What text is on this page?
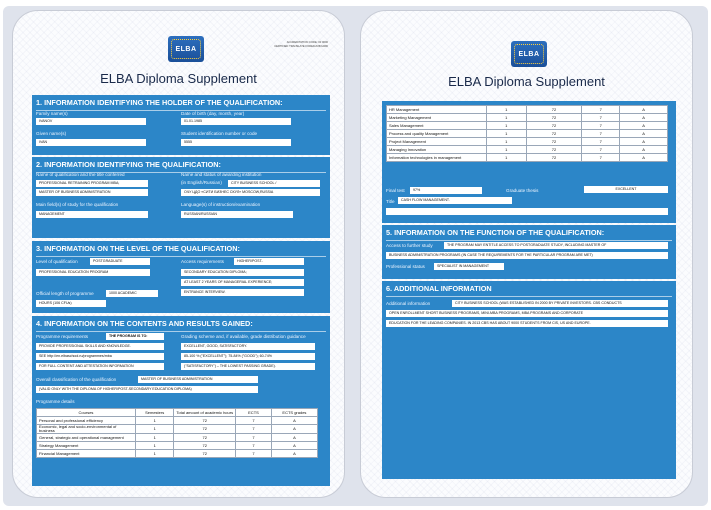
ELBA
ACCREDITATION CODE: 00 0000
CERTIFIED TRANSLATE FOREIGN BOARD
ELBA Diploma Supplement
1. INFORMATION IDENTIFYING THE HOLDER OF THE QUALIFICATION:
Family name(s)
IVANOV
Date of birth (day, month, year)
01.01.1985
Given name(s)
IVAN
Student identification number or code
5555
2. INFORMATION IDENTIFYING THE QUALIFICATION:
Name of qualification and the title conferred
PROFESSIONAL RETRAINING PROGRAM MBA;
MASTER OF BUSINESS ADMINISTRATION
Name and status of awarding institution
(in English/Russian)	CITY BUSINESS SCHOOL /
ОЧУ ЦДО «СИТИ БИЗНЕС СКУЛ» MOSCOW,RUSSIA
Main field(s) of study for the qualification
MANAGEMENT
Language(s) of instruction/examination
RUSSIAN/RUSSIAN
3. INFORMATION ON THE LEVEL OF THE QUALIFICATION:
Level of qualification	POSTGRADUATE
PROFESSIONAL EDUCATION PROGRAM
Access requirements	HIGHER/POST-
SECONDARY EDUCATION DIPLOMA;
AT LEAST 2 YEARS OF MANAGERIAL EXPERIENCE;
ENTRANCE INTERVIEW.
Official length of programme	1000 ACADEMIC
HOURS (106 CFUs)
4. INFORMATION ON THE CONTENTS AND RESULTS GAINED:
Programme requirements	THE PROGRAM IS TO:
PROVIDE PROFESSIONAL SKILLS AND KNOWLEDGE.
SEE http://en.elbaschool.ru/programmes/mba
FOR FULL CONTENT AND ATTESTATION INFORMATION
Grading scheme and, if available, grade distribution guidance
EXCELLENT, GOOD, SATISFACTORY.
85-100 % ("EXCELLENT"); 75-84% ("GOOD"); 60-74%
("SATISFACTORY") – THE LOWEST PASSING GRADE).
Overall classification of the qualification	MASTER OF BUSINESS ADMINISTRATION
(VALID ONLY WITH THE DIPLOMA OF HIGHER/POST-SECONDARY EDUCATION DIPLOMA)
Programme details
Courses	Semesters	Total amount of academic hours	ECTS	ECTS grades
Personal and professional efficiency	1	72	7	A
Economic, legal and socio-environmental of business	1	72	7	A
General, strategic and operational management	1	72	7	A
Strategy Management	1	72	7	A
Financial Management	1	72	7	A
ELBA
ELBA Diploma Supplement
HR Management	1	72	7	A
Marketing Management	1	72	7	A
Sales Management	1	72	7	A
Process and quality Management	1	72	7	A
Project Management	1	72	7	A
Managing Innovation	1	72	7	A
Information technologies in management	1	72	7	A
Final test	97%	Graduate thesis	EXCELLENT
Title	CASH FLOW MANAGEMENT.
5. INFORMATION ON THE FUNCTION OF THE QUALIFICATION:
Access to further study	THE PROGRAM MAY ENTITLE ACCESS TO POSTGRADUATE STUDY, INCLUDING MASTER OF
BUSINESS ADMINISTRATION PROGRAMS (IN CASE THE REQUIREMENTS FOR THE PARTICULAR PROGRAM ARE MET)
Professional status	SPECIALIST IN MANAGEMENT
6. ADDITIONAL INFORMATION
Additional information	CITY BUSINESS SCHOOL (WAS ESTABLISHED IN 2000 BY PRIVATE INVESTORS. CBS CONDUCTS
OPEN ENROLLMENT SHORT BUSINESS PROGRAMS, MINI-MBA PROGRAMS, MBA PROGRAMS AND CORPORATE
EDUCATION FOR THE LEADING COMPANIES. IN 2013 CBS HAS ABOUT 9000 STUDENTS FROM CIS, US AND EUROPE.
